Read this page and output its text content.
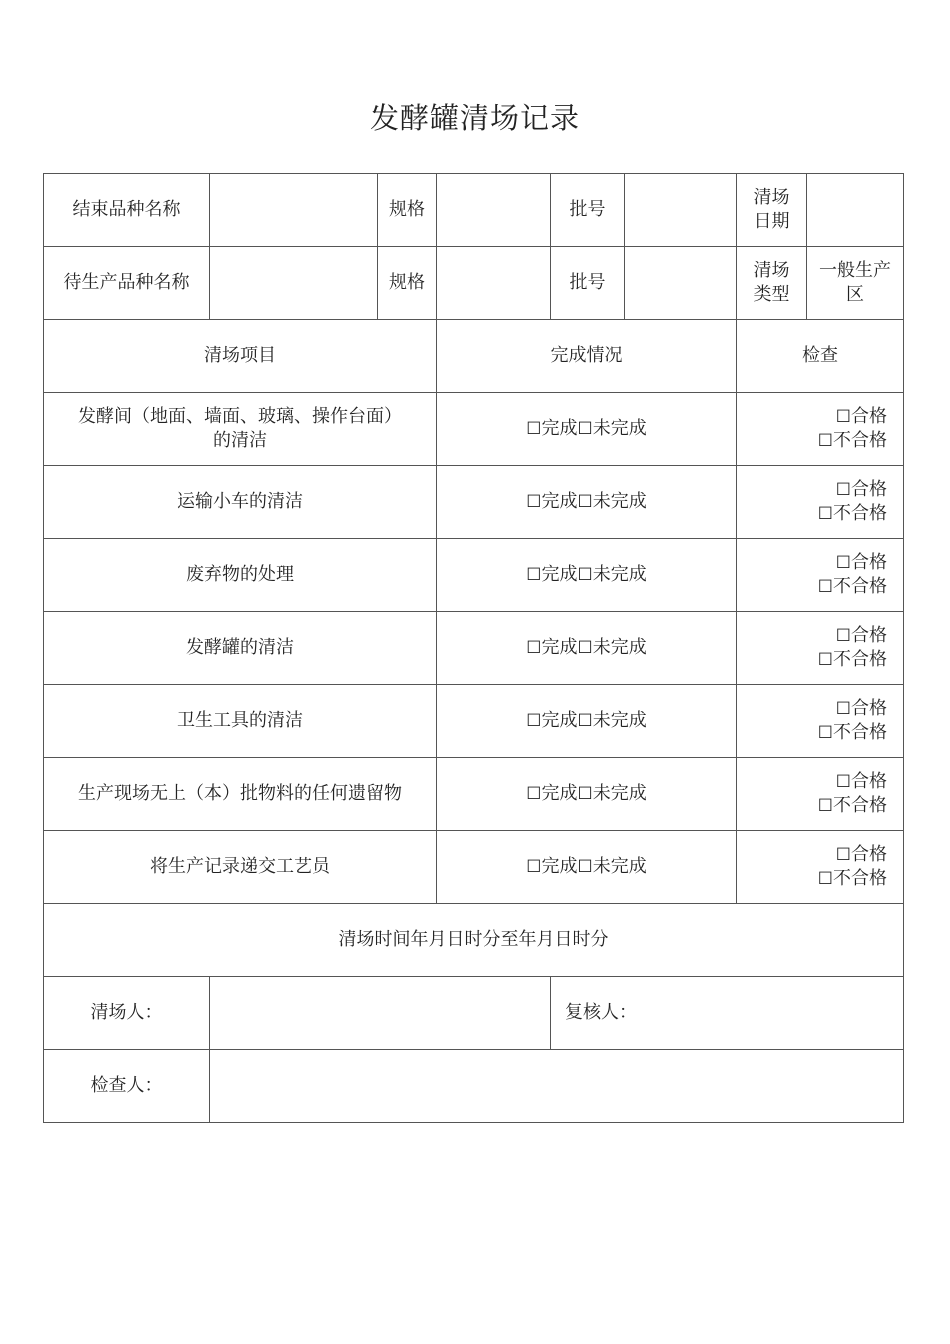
发酵罐清场记录
结束品种名称		规格		批号		清场
日期	

待生产品种名称		规格		批号		清场
类型	一般生产区
清场项目			完成情况			检查	

发酵间（地面、墙面、玻璃、操作台面）
的清洁			☐完成☐未完成			☐合格
☐不合格	

运输小车的清洁			☐完成☐未完成			☐合格
☐不合格	

废弃物的处理			☐完成☐未完成			☐合格
☐不合格	

发酵罐的清洁			☐完成☐未完成			☐合格
☐不合格	

卫生工具的清洁			☐完成☐未完成			☐合格
☐不合格	

生产现场无上（本）批物料的任何遗留物			☐完成☐未完成			☐合格
☐不合格	

将生产记录递交工艺员			☐完成☐未完成			☐合格
☐不合格	

清场时间年月日时分至年月日时分							
清场人：				复核人：			
检查人：							
